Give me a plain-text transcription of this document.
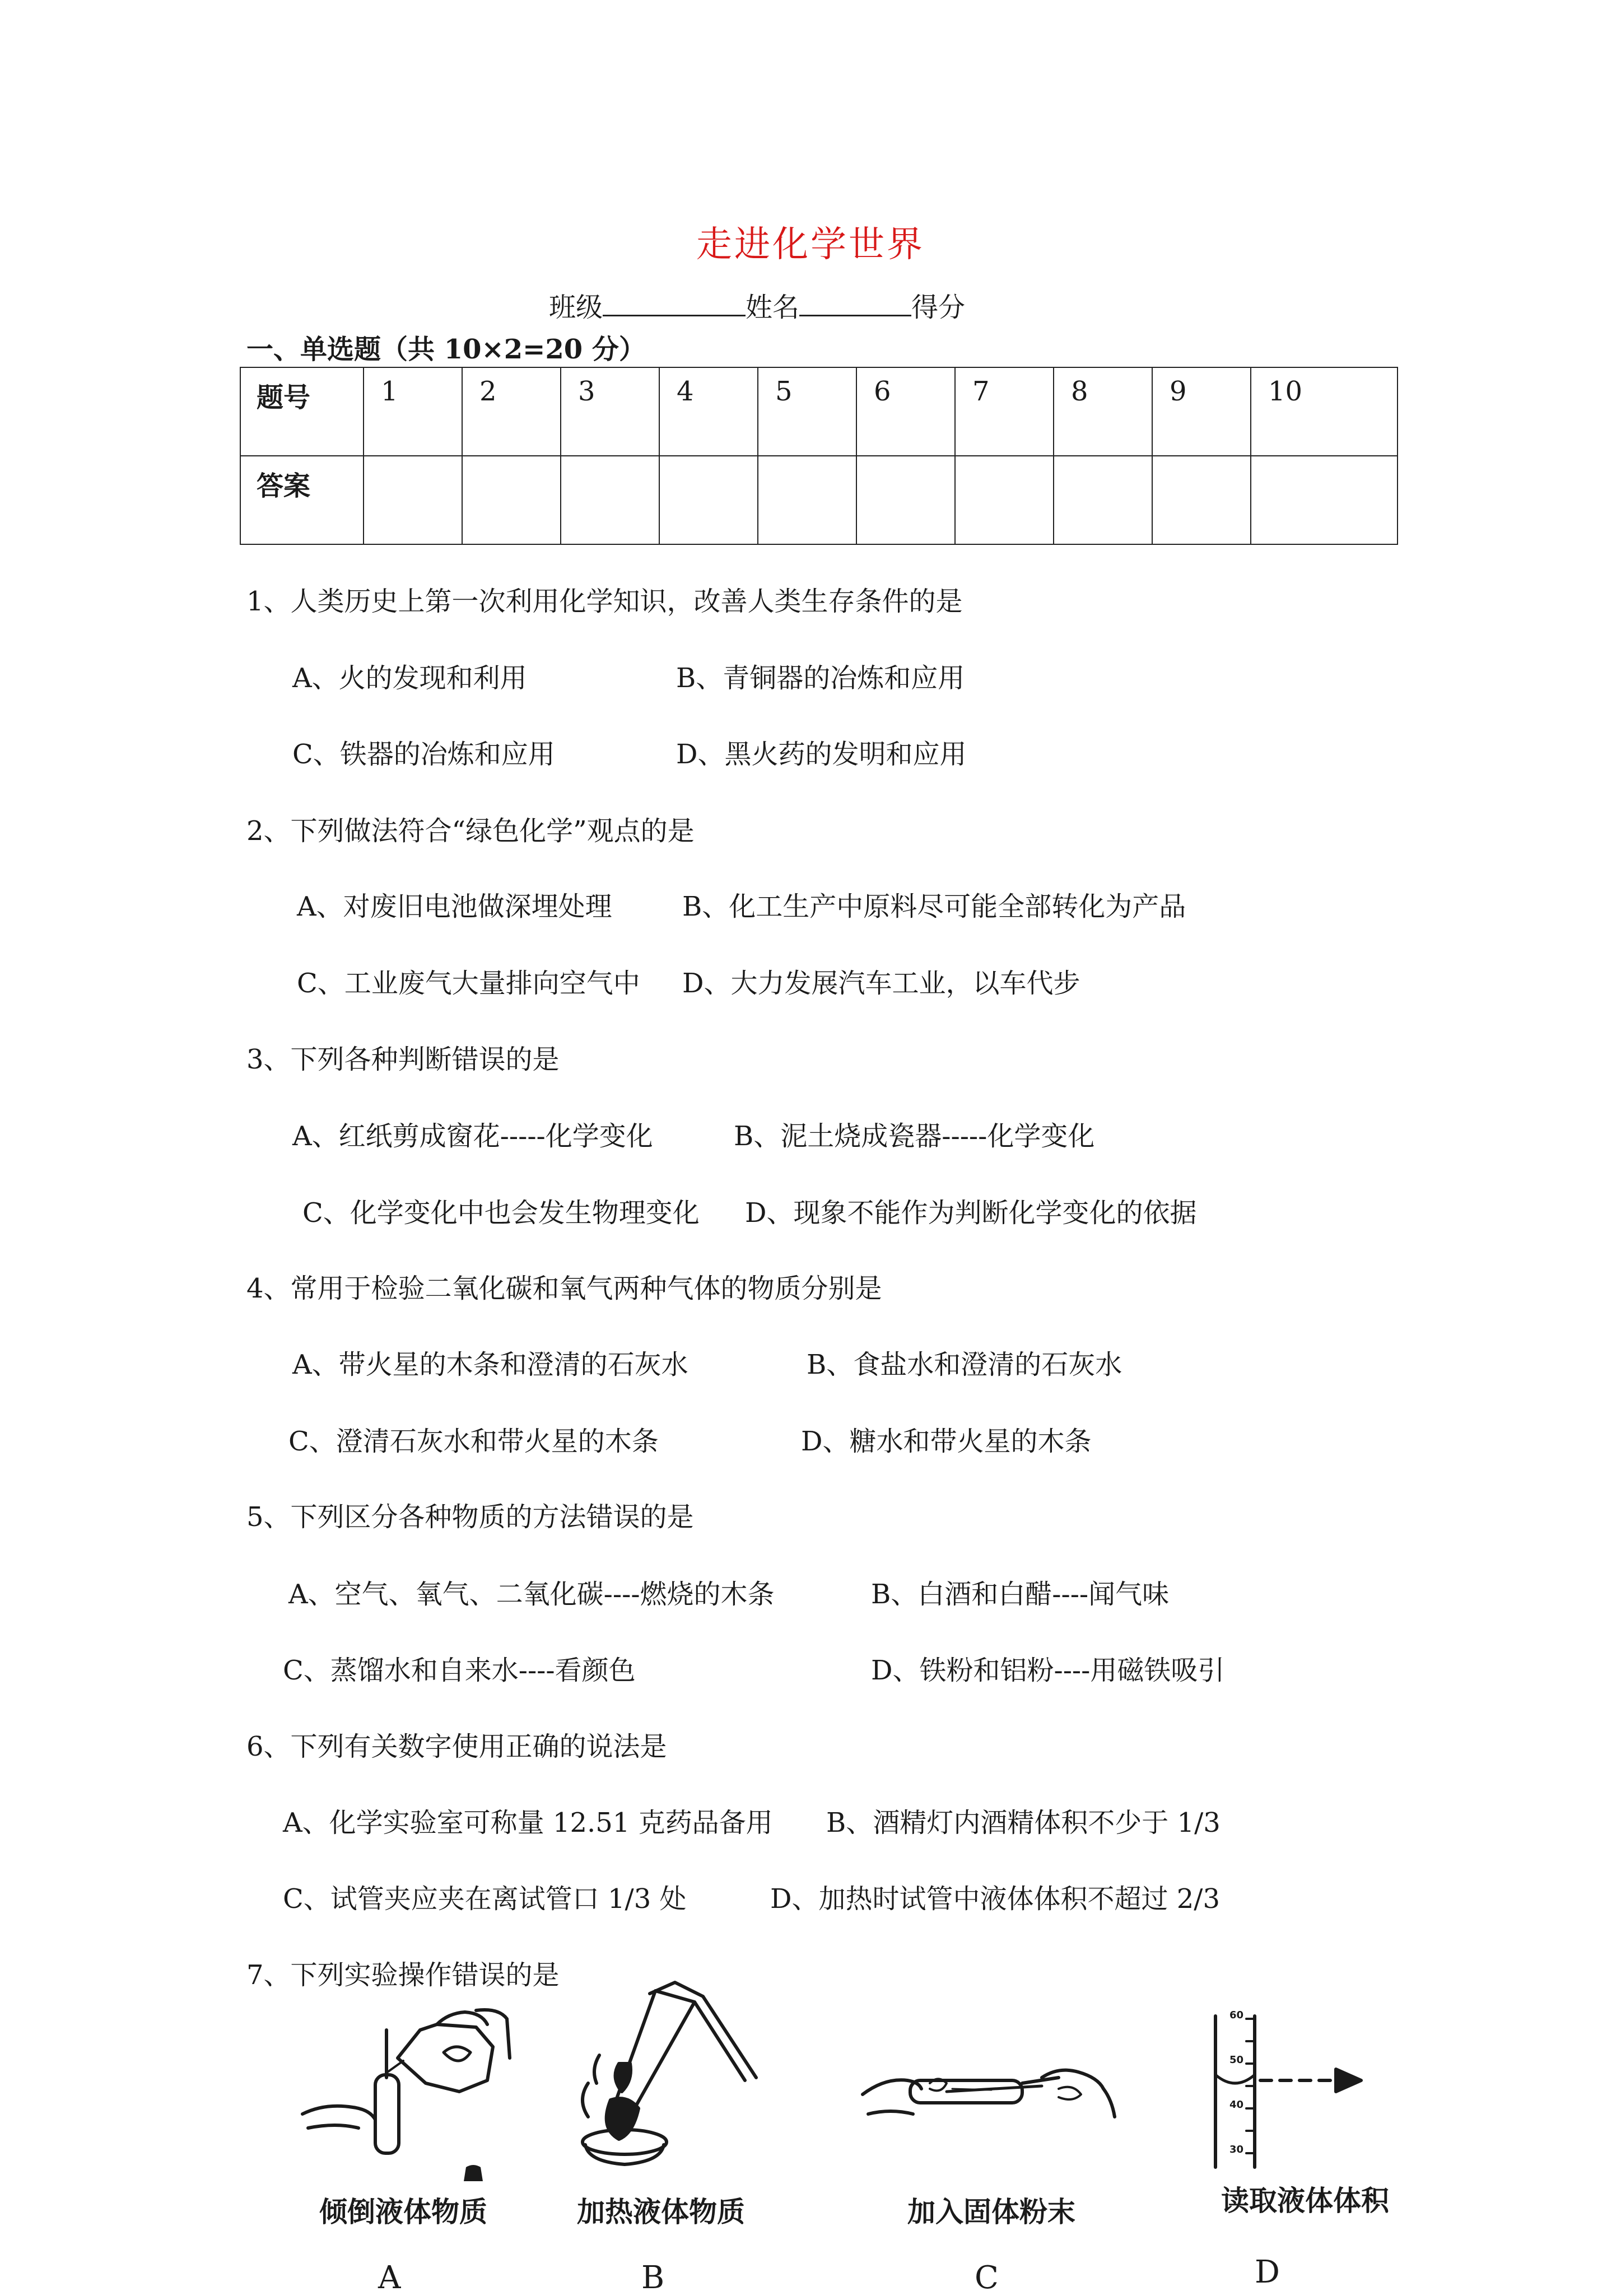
走进化学世界
班级	姓名	得分
一、单选题（共 10×2=20 分）
题号	1	2	3	4	5	6	7	8	9	10
答案										
1、人类历史上第一次利用化学知识，改善人类生存条件的是
A、火的发现和利用	B、青铜器的冶炼和应用
C、铁器的冶炼和应用	D、黑火药的发明和应用
2、下列做法符合“绿色化学”观点的是
A、对废旧电池做深埋处理	B、化工生产中原料尽可能全部转化为产品
C、工业废气大量排向空气中 D、大力发展汽车工业，以车代步
3、下列各种判断错误的是
A、红纸剪成窗花-----化学变化	B、泥土烧成瓷器-----化学变化
C、化学变化中也会发生物理变化 D、现象不能作为判断化学变化的依据
4、常用于检验二氧化碳和氧气两种气体的物质分别是
A、带火星的木条和澄清的石灰水	B、食盐水和澄清的石灰水
C、澄清石灰水和带火星的木条	D、糖水和带火星的木条
5、下列区分各种物质的方法错误的是
A、空气、氧气、二氧化碳----燃烧的木条	B、白酒和白醋----闻气味
C、蒸馏水和自来水----看颜色	D、铁粉和铝粉----用磁铁吸引
6、下列有关数字使用正确的说法是
A、化学实验室可称量 12.51 克药品备用 B、酒精灯内酒精体积不少于 1/3
C、试管夹应夹在离试管口 1/3 处	D、加热时试管中液体体积不超过 2/3
7、下列实验操作错误的是
倾倒液体物质
A
加热液体物质
B
加入固体粉末
C
读取液体体积
60
50
40
30
D
